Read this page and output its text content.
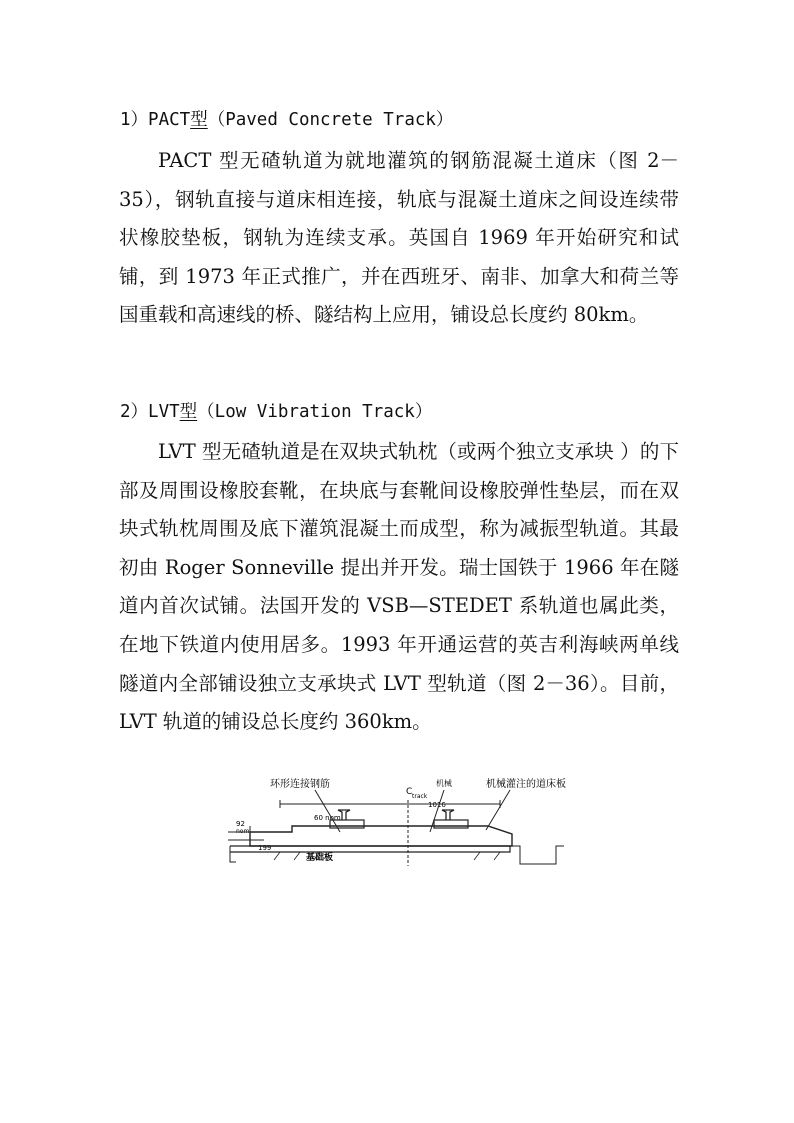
1）PACT型（Paved Concrete Track）

PACT 型无碴轨道为就地灌筑的钢筋混凝土道床（图 2－35），钢轨直接与道床相连接，轨底与混凝土道床之间设连续带状橡胶垫板，钢轨为连续支承。英国自 1969 年开始研究和试铺，到 1973 年正式推广，并在西班牙、南非、加拿大和荷兰等国重载和高速线的桥、隧结构上应用，铺设总长度约 80km。

2）LVT型（Low Vibration Track）

LVT 型无碴轨道是在双块式轨枕（或两个独立支承块 ）的下部及周围设橡胶套靴，在块底与套靴间设橡胶弹性垫层，而在双块式轨枕周围及底下灌筑混凝土而成型，称为减振型轨道。其最初由 Roger Sonneville 提出并开发。瑞士国铁于 1966 年在隧道内首次试铺。法国开发的 VSB—STEDET 系轨道也属此类，在地下铁道内使用居多。1993 年开通运营的英吉利海峡两单线隧道内全部铺设独立支承块式 LVT 型轨道（图 2－36）。目前，LVT 轨道的铺设总长度约 360km。

环形连接钢筋
C track
机械	机械灌注的道床板
1016
60 nom
92
nom
199
基础板
